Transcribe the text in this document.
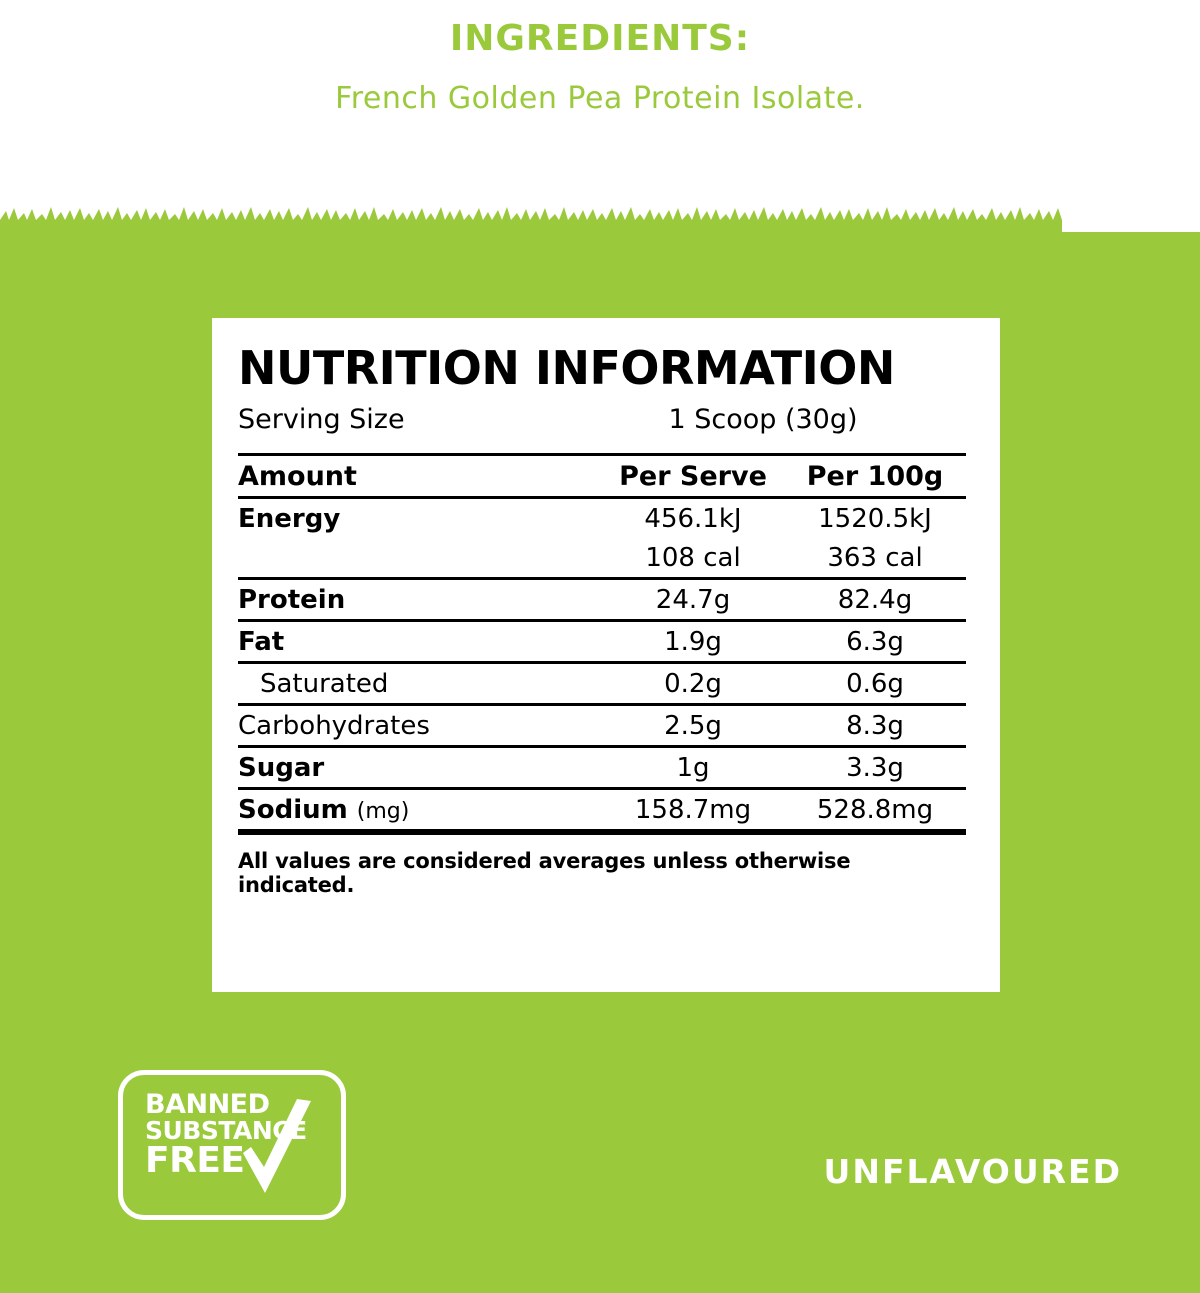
INGREDIENTS:
French Golden Pea Protein Isolate.
NUTRITION INFORMATION
Serving Size	1 Scoop (30g)
Amount	Per Serve	Per 100g
Energy	456.1kJ	1520.5kJ
	108 cal	363 cal
Protein	24.7g	82.4g
Fat	1.9g	6.3g
Saturated	0.2g	0.6g
Carbohydrates	2.5g	8.3g
Sugar	1g	3.3g
Sodium (mg)	158.7mg	528.8mg
All values are considered averages unless otherwise indicated.
BANNED
SUBSTANCE
FREE	UNFLAVOURED
